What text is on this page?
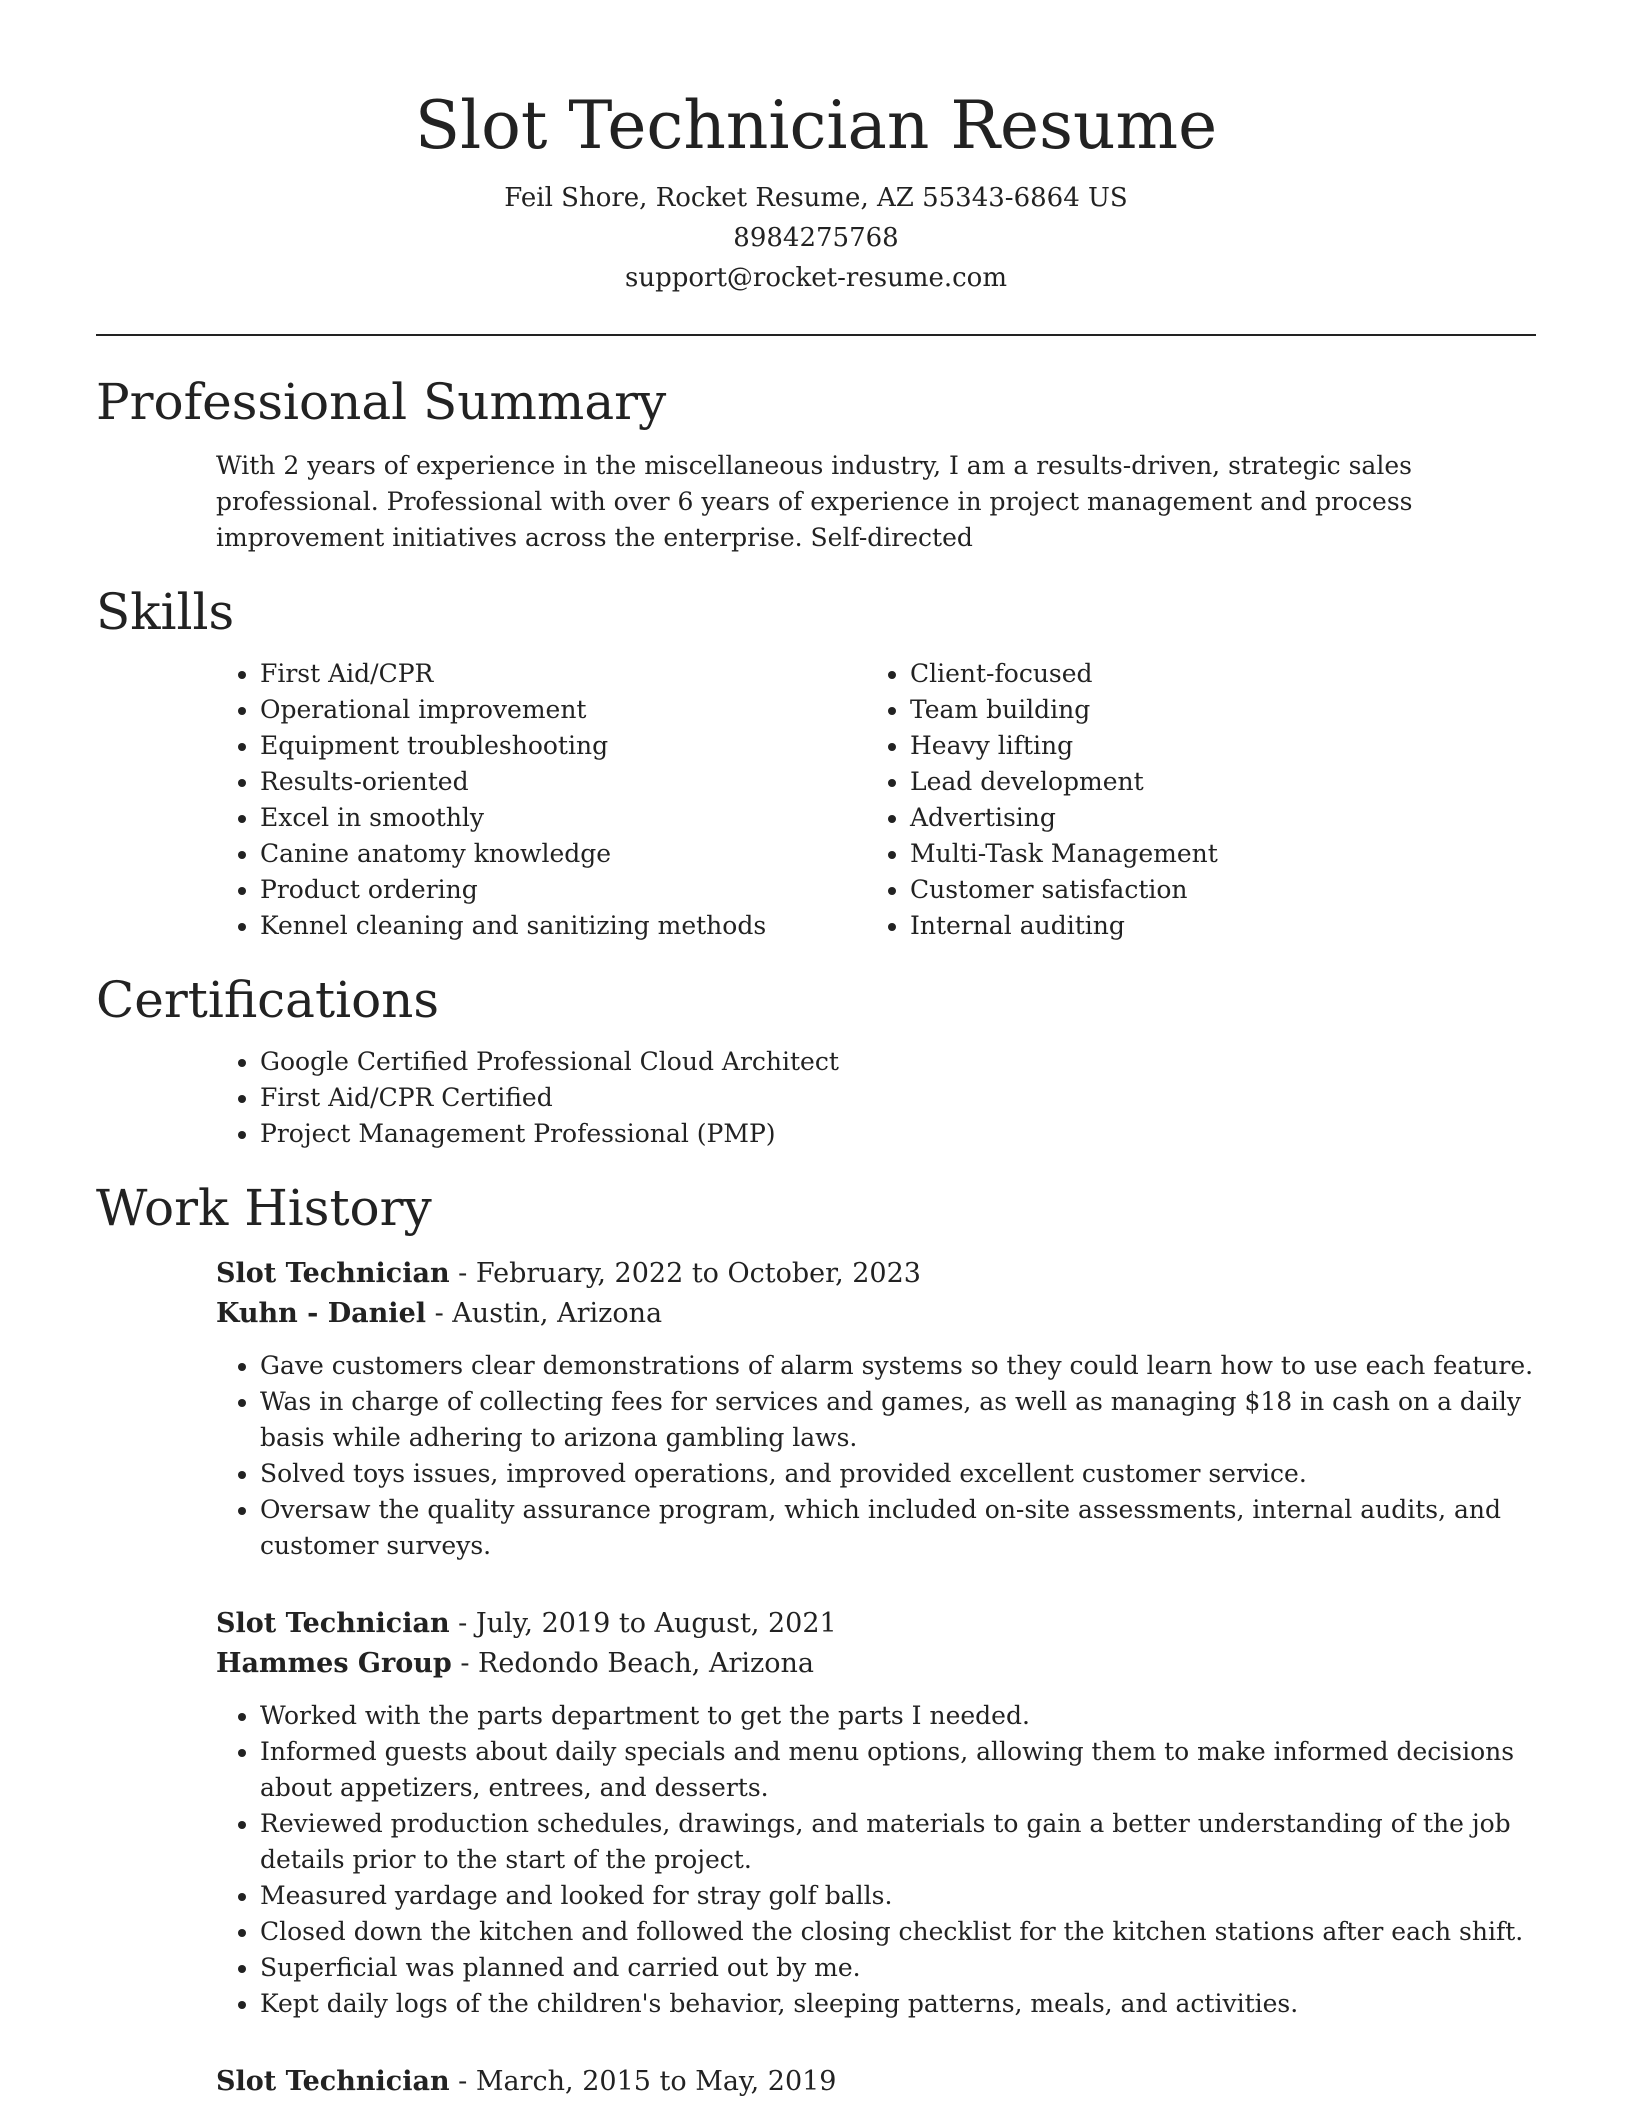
Slot Technician Resume
Feil Shore, Rocket Resume, AZ 55343-6864 US
8984275768
support@rocket-resume.com
Professional Summary

With 2 years of experience in the miscellaneous industry, I am a results-driven, strategic sales professional. Professional with over 6 years of experience in project management and process improvement initiatives across the enterprise. Self-directed

Skills
• First Aid/CPR
• Operational improvement
• Equipment troubleshooting
• Results-oriented
• Excel in smoothly
• Canine anatomy knowledge
• Product ordering
• Kennel cleaning and sanitizing methods
• Client-focused
• Team building
• Heavy lifting
• Lead development
• Advertising
• Multi-Task Management
• Customer satisfaction
• Internal auditing
Certifications
• Google Certified Professional Cloud Architect
• First Aid/CPR Certified
• Project Management Professional (PMP)
Work History
Slot Technician - February, 2022 to October, 2023
Kuhn - Daniel - Austin, Arizona
• Gave customers clear demonstrations of alarm systems so they could learn how to use each feature.
• Was in charge of collecting fees for services and games, as well as managing $18 in cash on a daily basis while adhering to arizona gambling laws.
• Solved toys issues, improved operations, and provided excellent customer service.
• Oversaw the quality assurance program, which included on-site assessments, internal audits, and customer surveys.
Slot Technician - July, 2019 to August, 2021
Hammes Group - Redondo Beach, Arizona
• Worked with the parts department to get the parts I needed.
• Informed guests about daily specials and menu options, allowing them to make informed decisions about appetizers, entrees, and desserts.
• Reviewed production schedules, drawings, and materials to gain a better understanding of the job details prior to the start of the project.
• Measured yardage and looked for stray golf balls.
• Closed down the kitchen and followed the closing checklist for the kitchen stations after each shift.
• Superficial was planned and carried out by me.
• Kept daily logs of the children's behavior, sleeping patterns, meals, and activities.
Slot Technician - March, 2015 to May, 2019
